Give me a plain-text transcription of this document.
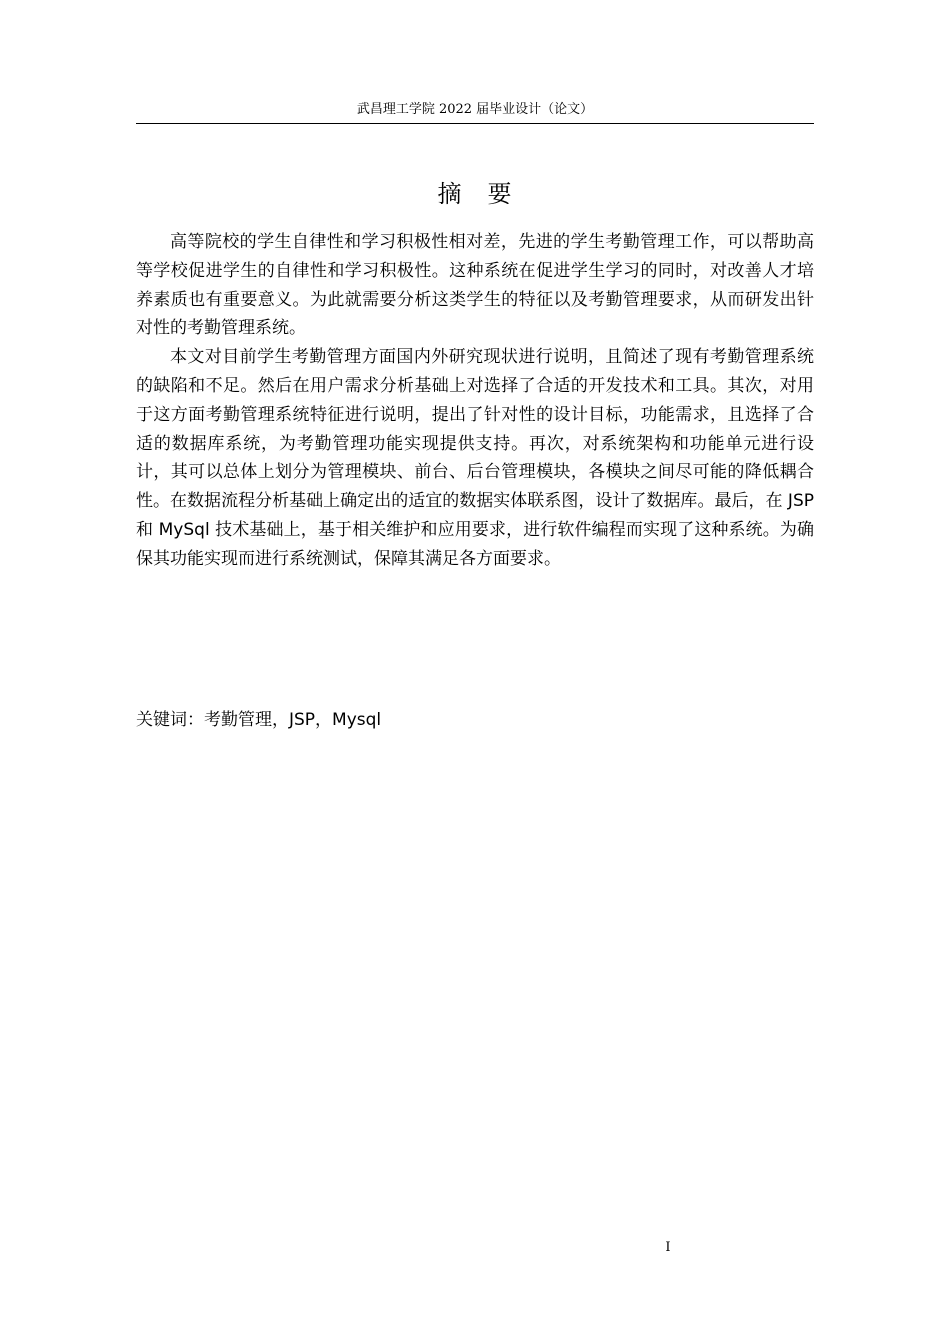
武昌理工学院 2022 届毕业设计（论文）
摘　要

高等院校的学生自律性和学习积极性相对差，先进的学生考勤管理工作，可以帮助高等学校促进学生的自律性和学习积极性。这种系统在促进学生学习的同时，对改善人才培养素质也有重要意义。为此就需要分析这类学生的特征以及考勤管理要求，从而研发出针对性的考勤管理系统。

本文对目前学生考勤管理方面国内外研究现状进行说明，且简述了现有考勤管理系统的缺陷和不足。然后在用户需求分析基础上对选择了合适的开发技术和工具。其次，对用于这方面考勤管理系统特征进行说明，提出了针对性的设计目标，功能需求，且选择了合适的数据库系统，为考勤管理功能实现提供支持。再次，对系统架构和功能单元进行设计，其可以总体上划分为管理模块、前台、后台管理模块，各模块之间尽可能的降低耦合性。在数据流程分析基础上确定出的适宜的数据实体联系图，设计了数据库。最后，在 JSP 和 MySql 技术基础上，基于相关维护和应用要求，进行软件编程而实现了这种系统。为确保其功能实现而进行系统测试，保障其满足各方面要求。

关键词：考勤管理，JSP，Mysql
I
